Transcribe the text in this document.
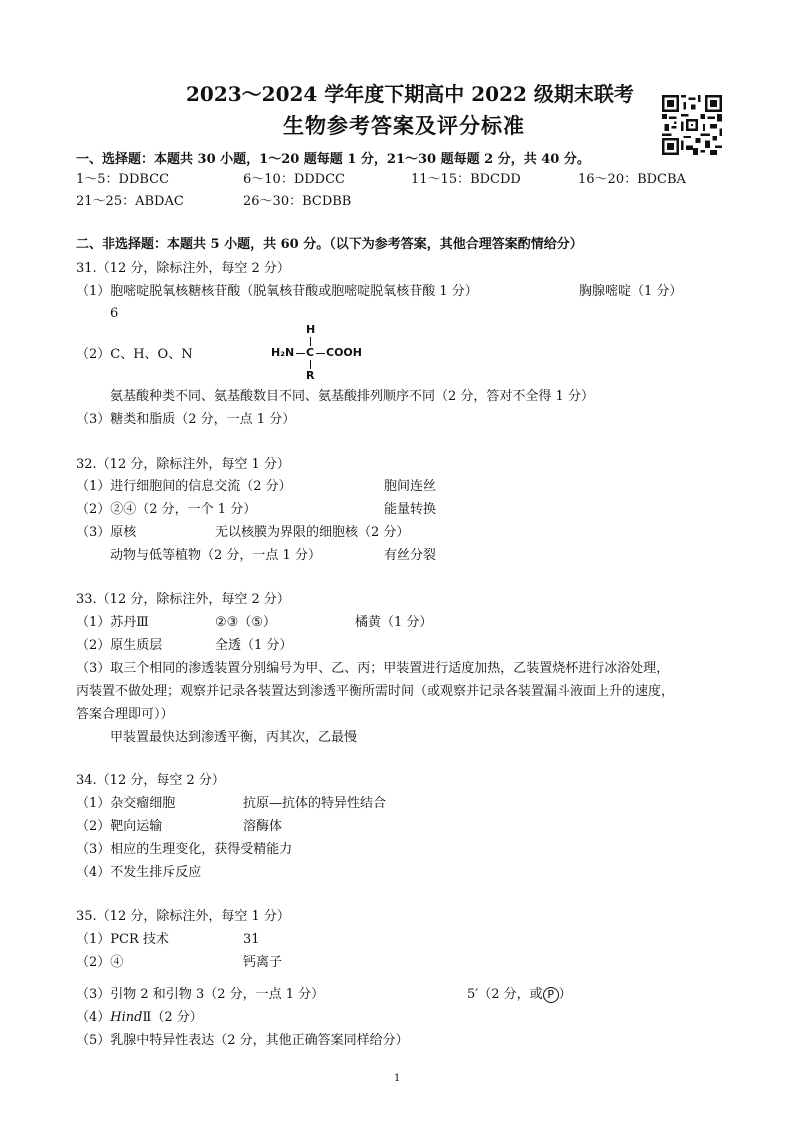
2023～2024 学年度下期高中 2022 级期末联考
生物参考答案及评分标准
一、选择题：本题共 30 小题，1～20 题每题 1 分，21～30 题每题 2 分，共 40 分。
1～5：DDBCC	6～10：DDDCC	11～15：BDCDD	16～20：BDCBA
21～25：ABDAC	26～30：BCDBB
二、非选择题：本题共 5 小题，共 60 分。（以下为参考答案，其他合理答案酌情给分）
31.（12 分，除标注外，每空 2 分）
（1）胞嘧啶脱氧核糖核苷酸（脱氧核苷酸或胞嘧啶脱氧核苷酸 1 分）	胸腺嘧啶（1 分）
6
（2）C、H、O、N
H
H₂N C COOH
R
氨基酸种类不同、氨基酸数目不同、氨基酸排列顺序不同（2 分，答对不全得 1 分）
（3）糖类和脂质（2 分，一点 1 分）
32.（12 分，除标注外，每空 1 分）
（1）进行细胞间的信息交流（2 分）	胞间连丝
（2）②④（2 分，一个 1 分）	能量转换
（3）原核	无以核膜为界限的细胞核（2 分）
动物与低等植物（2 分，一点 1 分）	有丝分裂
33.（12 分，除标注外，每空 2 分）
（1）苏丹Ⅲ	②③（⑤）	橘黄（1 分）
（2）原生质层	全透（1 分）
（3）取三个相同的渗透装置分别编号为甲、乙、丙；甲装置进行适度加热，乙装置烧杯进行冰浴处理，
丙装置不做处理；观察并记录各装置达到渗透平衡所需时间（或观察并记录各装置漏斗液面上升的速度，
答案合理即可））
甲装置最快达到渗透平衡，丙其次，乙最慢
34.（12 分，每空 2 分）
（1）杂交瘤细胞	抗原—抗体的特异性结合
（2）靶向运输	溶酶体
（3）相应的生理变化，获得受精能力
（4）不发生排斥反应
35.（12 分，除标注外，每空 1 分）
（1）PCR 技术	31
（2）④	钙离子
（3）引物 2 和引物 3（2 分，一点 1 分）	5′（2 分，或 P ）
（4）HindⅡ（2 分）
（5）乳腺中特异性表达（2 分，其他正确答案同样给分）
1
